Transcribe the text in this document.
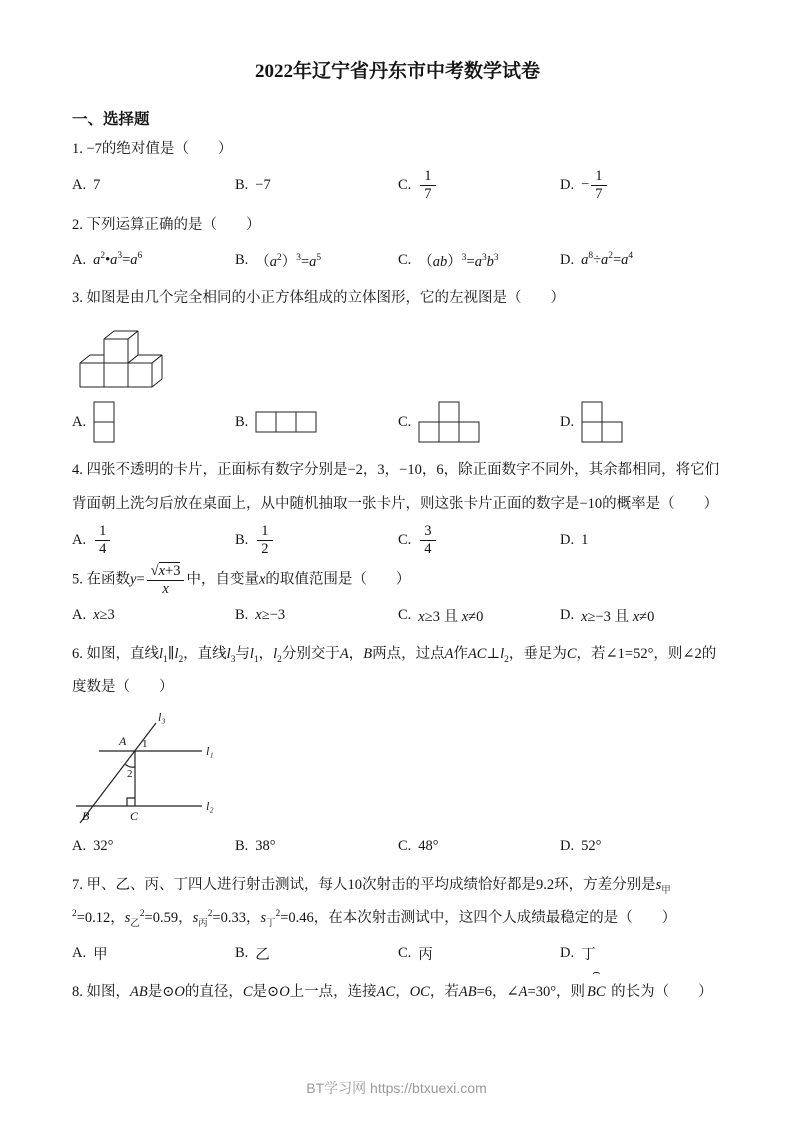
2022年辽宁省丹东市中考数学试卷
一、选择题

1. −7的绝对值是（　　）

A. 7	B. −7	C. $\frac{1}{7}$	D. − $\frac{1}{7}$

2. 下列运算正确的是（　　）

A. $a^2•a^3=a^6$	B. $(a^2)^3=a^5$	C. $(ab)^3=a^3b^3$	D. $a^8\div a^2=a^4$

3. 如图是由几个完全相同的小正方体组成的立体图形，它的左视图是（　　）

A.	B.	C.	D.

4. 四张不透明的卡片，正面标有数字分别是−2，3，−10，6，除正面数字不同外，其余都相同，将它们背面朝上洗匀后放在桌面上，从中随机抽取一张卡片，则这张卡片正面的数字是−10的概率是（　　）

A. $\frac{1}{4}$	B. $\frac{1}{2}$	C. $\frac{3}{4}$	D. 1

5. 在函数$y= \frac{√x+3}{x}$ 中，自变量x的取值范围是（　　）

A. x≥3	B. x≥−3	C. x≥3 且 x≠0	D. x≥−3 且 x≠0

6. 如图，直线$l_1\parallel l_2$，直线$l_3$与$l_1$，$l_2$分别交于A，B两点，过点A作$AC\perp l_2$，垂足为C，若∠1=52°，则∠2的度数是（　　）

l₃
l₁
l₂
A 1
2
B	C
A. 32°	B. 38°	C. 48°	D. 52°

7. 甲、乙、丙、丁四人进行射击测试，每人10次射击的平均成绩恰好都是9.2环，方差分别是$s_甲^2=0.12$，$s_乙^2=0.59$，$s_丙^2=0.33$，$s_丁^2=0.46$，在本次射击测试中，这四个人成绩最稳定的是（　　）

A. 甲	B. 乙	C. 丙	D. 丁

8. 如图，AB是⊙O的直径，C是⊙O上一点，连接AC，OC，若AB=6，∠A=30°，则
⌢
BC 的长为（　　）

BT学习网 https://btxuexi.com
